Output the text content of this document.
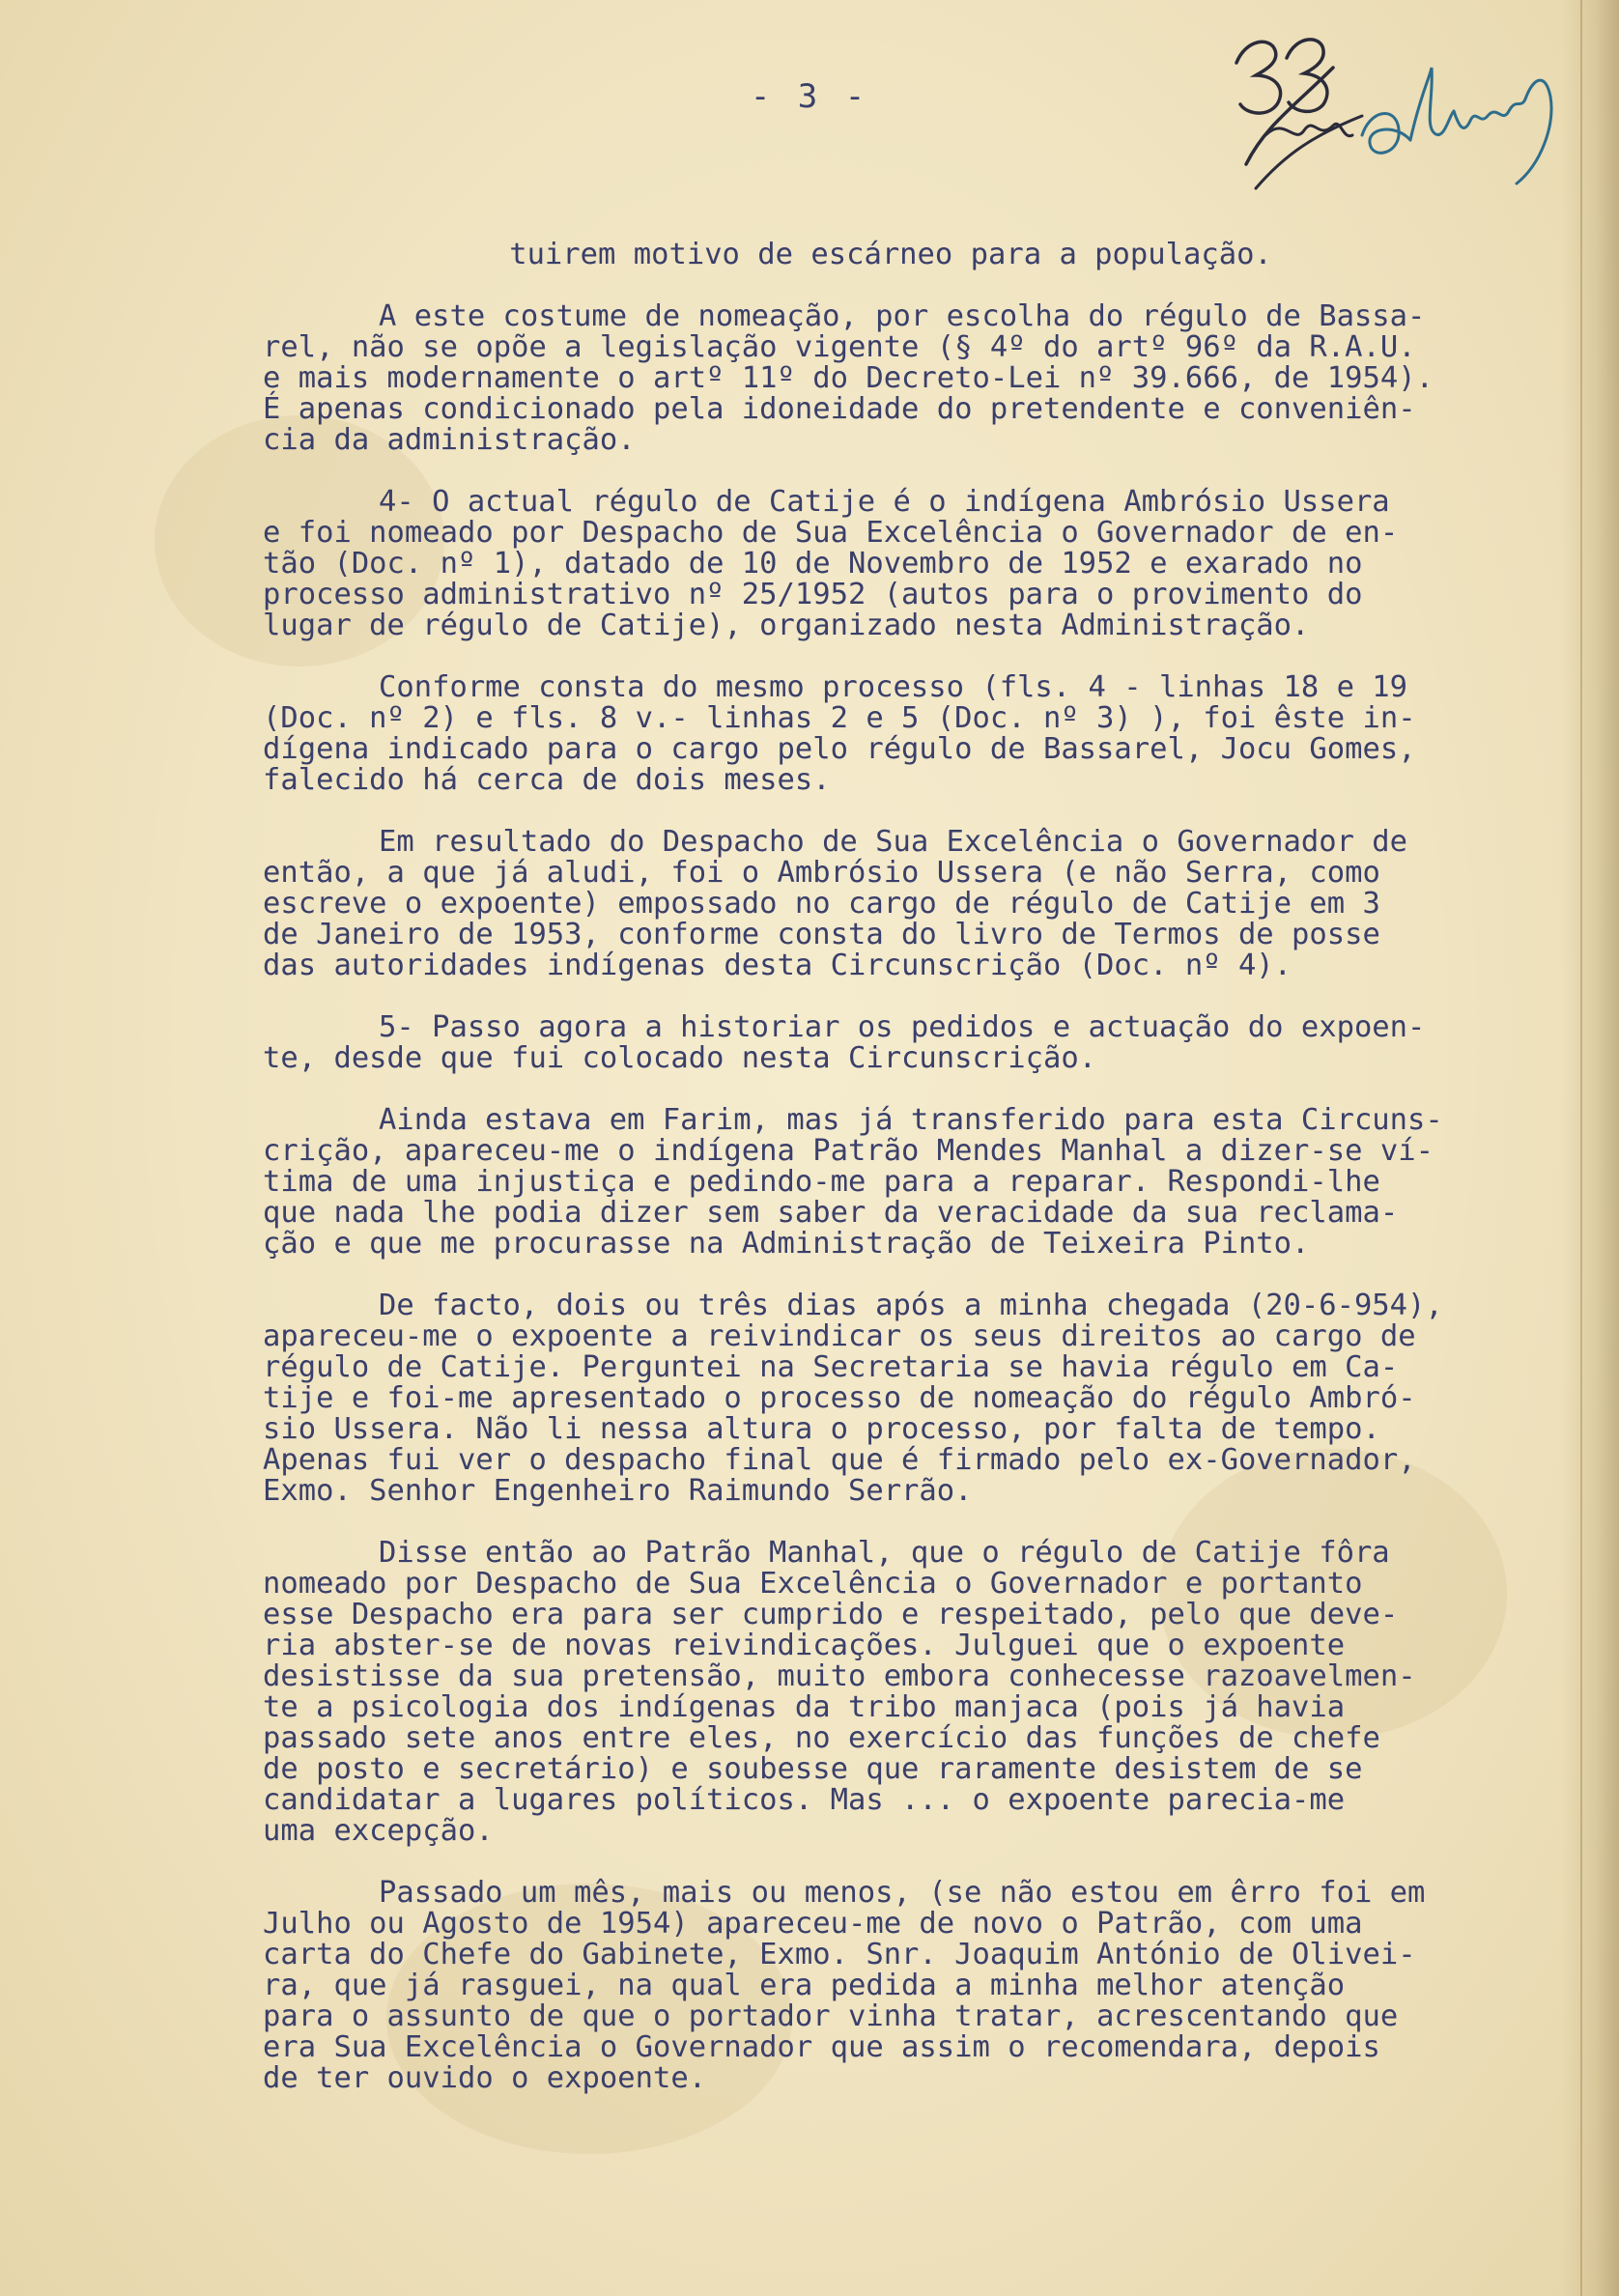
- 3 -

tuirem motivo de escárneo para a população.

A este costume de nomeação, por escolha do régulo de Bassa-
rel, não se opõe a legislação vigente (§ 4º do artº 96º da R.A.U.
e mais modernamente o artº 11º do Decreto-Lei nº 39.666, de 1954).
É apenas condicionado pela idoneidade do pretendente e conveniên-
cia da administração.

4- O actual régulo de Catije é o indígena Ambrósio Ussera
e foi nomeado por Despacho de Sua Excelência o Governador de en-
tão (Doc. nº 1), datado de 10 de Novembro de 1952 e exarado no
processo administrativo nº 25/1952 (autos para o provimento do
lugar de régulo de Catije), organizado nesta Administração.

Conforme consta do mesmo processo (fls. 4 - linhas 18 e 19
(Doc. nº 2) e fls. 8 v.- linhas 2 e 5 (Doc. nº 3) ), foi êste in-
dígena indicado para o cargo pelo régulo de Bassarel, Jocu Gomes,
falecido há cerca de dois meses.

Em resultado do Despacho de Sua Excelência o Governador de
então, a que já aludi, foi o Ambrósio Ussera (e não Serra, como
escreve o expoente) empossado no cargo de régulo de Catije em 3
de Janeiro de 1953, conforme consta do livro de Termos de posse
das autoridades indígenas desta Circunscrição (Doc. nº 4).

5- Passo agora a historiar os pedidos e actuação do expoen-
te, desde que fui colocado nesta Circunscrição.

Ainda estava em Farim, mas já transferido para esta Circuns-
crição, apareceu-me o indígena Patrão Mendes Manhal a dizer-se ví-
tima de uma injustiça e pedindo-me para a reparar. Respondi-lhe
que nada lhe podia dizer sem saber da veracidade da sua reclama-
ção e que me procurasse na Administração de Teixeira Pinto.

De facto, dois ou três dias após a minha chegada (20-6-954),
apareceu-me o expoente a reivindicar os seus direitos ao cargo de
régulo de Catije. Perguntei na Secretaria se havia régulo em Ca-
tije e foi-me apresentado o processo de nomeação do régulo Ambró-
sio Ussera. Não li nessa altura o processo, por falta de tempo.
Apenas fui ver o despacho final que é firmado pelo ex-Governador,
Exmo. Senhor Engenheiro Raimundo Serrão.

Disse então ao Patrão Manhal, que o régulo de Catije fôra
nomeado por Despacho de Sua Excelência o Governador e portanto
esse Despacho era para ser cumprido e respeitado, pelo que deve-
ria abster-se de novas reivindicações. Julguei que o expoente
desistisse da sua pretensão, muito embora conhecesse razoavelmen-
te a psicologia dos indígenas da tribo manjaca (pois já havia
passado sete anos entre eles, no exercício das funções de chefe
de posto e secretário) e soubesse que raramente desistem de se
candidatar a lugares políticos. Mas ... o expoente parecia-me
uma excepção.

Passado um mês, mais ou menos, (se não estou em êrro foi em
Julho ou Agosto de 1954) apareceu-me de novo o Patrão, com uma
carta do Chefe do Gabinete, Exmo. Snr. Joaquim António de Olivei-
ra, que já rasguei, na qual era pedida a minha melhor atenção
para o assunto de que o portador vinha tratar, acrescentando que
era Sua Excelência o Governador que assim o recomendara, depois
de ter ouvido o expoente.
